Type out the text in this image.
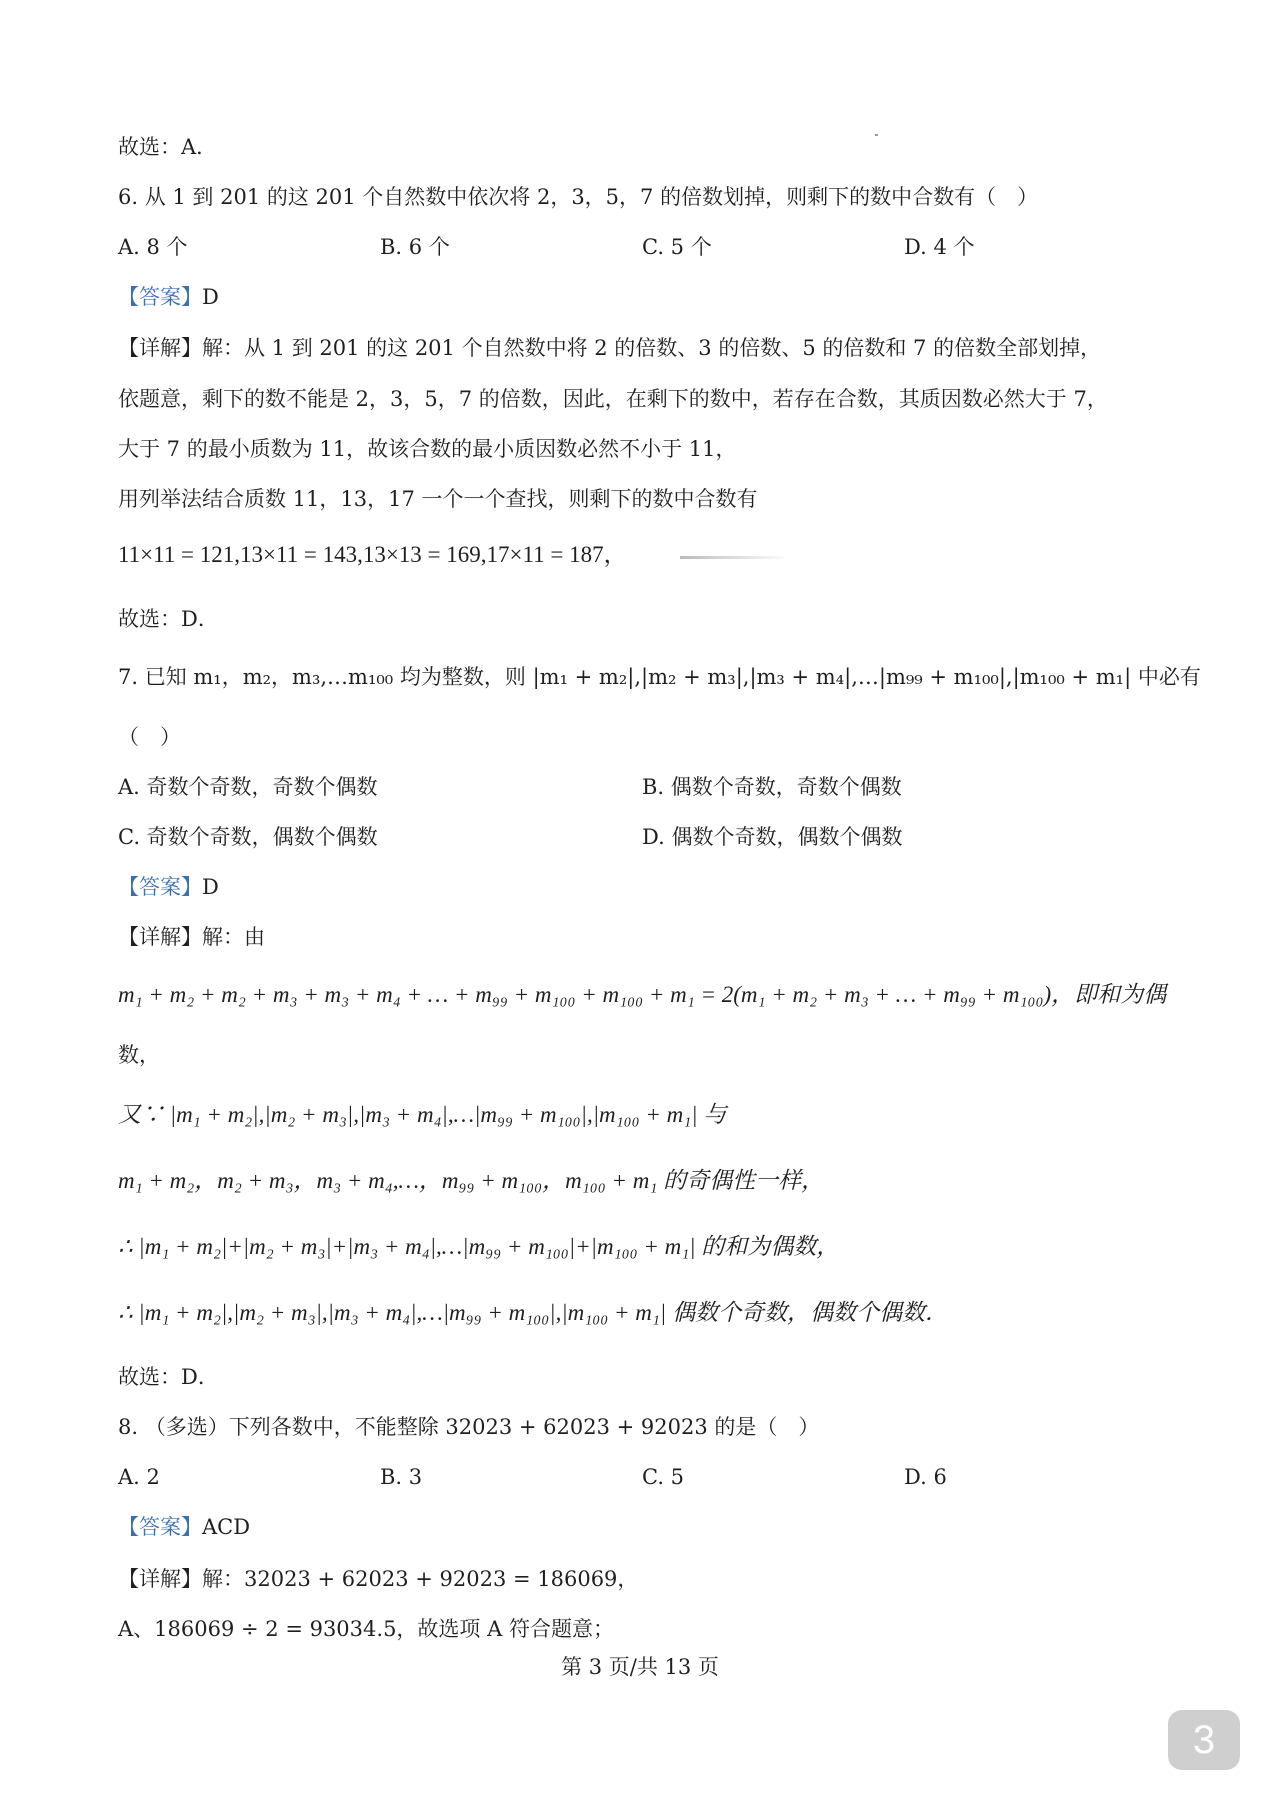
故选：A．
6. 从 1 到 201 的这 201 个自然数中依次将 2，3，5，7 的倍数划掉，则剩下的数中合数有（　）
A. 8 个	B. 6 个	C. 5 个	D. 4 个
【答案】D
【详解】解：从 1 到 201 的这 201 个自然数中将 2 的倍数、3 的倍数、5 的倍数和 7 的倍数全部划掉，
依题意，剩下的数不能是 2，3，5，7 的倍数，因此，在剩下的数中，若存在合数，其质因数必然大于 7，
大于 7 的最小质数为 11，故该合数的最小质因数必然不小于 11，
用列举法结合质数 11，13，17 一个一个查找，则剩下的数中合数有
11×11 = 121,13×11 = 143,13×13 = 169,17×11 = 187，
故选：D．
7. 已知 m₁，m₂，m₃,…m₁₀₀ 均为整数，则 |m₁ + m₂|,|m₂ + m₃|,|m₃ + m₄|,…|m₉₉ + m₁₀₀|,|m₁₀₀ + m₁| 中必有
（　）
A. 奇数个奇数，奇数个偶数	B. 偶数个奇数，奇数个偶数
C. 奇数个奇数，偶数个偶数	D. 偶数个奇数，偶数个偶数
【答案】D
【详解】解：由
m₁ + m₂ + m₂ + m₃ + m₃ + m₄ + … + m₉₉ + m₁₀₀ + m₁₀₀ + m₁ = 2(m₁ + m₂ + m₃ + … + m₉₉ + m₁₀₀)，即和为偶
数，
又∵ |m₁ + m₂|,|m₂ + m₃|,|m₃ + m₄|,…|m₉₉ + m₁₀₀|,|m₁₀₀ + m₁| 与
m₁ + m₂，m₂ + m₃，m₃ + m₄,…，m₉₉ + m₁₀₀，m₁₀₀ + m₁ 的奇偶性一样，
∴ |m₁ + m₂|+|m₂ + m₃|+|m₃ + m₄|,…|m₉₉ + m₁₀₀|+|m₁₀₀ + m₁| 的和为偶数，
∴ |m₁ + m₂|,|m₂ + m₃|,|m₃ + m₄|,…|m₉₉ + m₁₀₀|,|m₁₀₀ + m₁| 偶数个奇数，偶数个偶数．
故选：D．
8. （多选）下列各数中，不能整除 32023 + 62023 + 92023 的是（　）
A. 2	B. 3	C. 5	D. 6
【答案】ACD
【详解】解：32023 + 62023 + 92023 = 186069，
A、186069 ÷ 2 = 93034.5，故选项 A 符合题意；
第 3 页/共 13 页
3
